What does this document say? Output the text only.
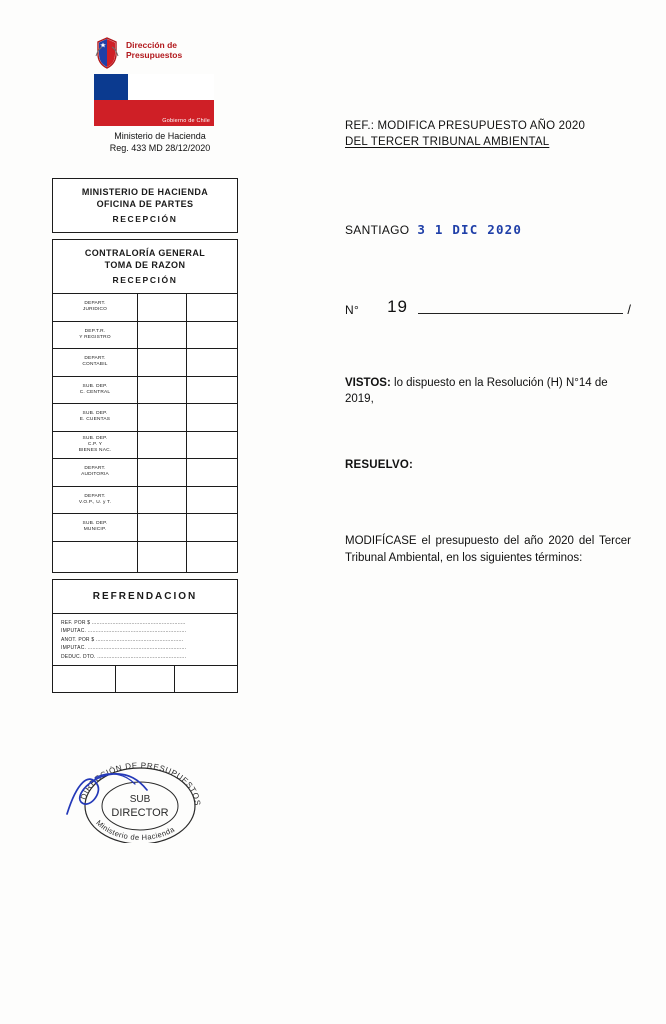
Dirección de
Presupuestos
Gobierno de Chile
Ministerio de Hacienda
Reg. 433 MD 28/12/2020
MINISTERIO DE HACIENDA
OFICINA DE PARTES
RECEPCIÓN
CONTRALORÍA GENERAL
TOMA DE RAZON
RECEPCIÓN
DEPART.
JURIDICO
DEP.T.R.
Y REGISTRO
DEPART.
CONTABIL
SUB. DEP.
C. CENTRAL
SUB. DEP.
E. CUENTAS
SUB. DEP.
C.P. Y
BIENES NAC.
DEPART.
AUDITORIA
DEPART.
V.O.P., U. y T.
SUB. DEP.
MUNICIP.
REFRENDACION
REF. POR $ ...........................................................
IMPUTAC. ..............................................................
ANOT. POR $ .......................................................
IMPUTAC. ..............................................................
DEDUC. DTO. ........................................................
DIRECCIÓN DE PRESUPUESTOS
Ministerio de Hacienda
SUB
DIRECTOR
REF.: MODIFICA PRESUPUESTO AÑO 2020
DEL TERCER TRIBUNAL AMBIENTAL
SANTIAGO 3 1 DIC 2020
N° 19	/
VISTOS: lo dispuesto en la Resolución (H) N°14 de 2019,
RESUELVO:
MODIFÍCASE el presupuesto del año 2020 del Tercer Tribunal Ambiental, en los siguientes términos:
